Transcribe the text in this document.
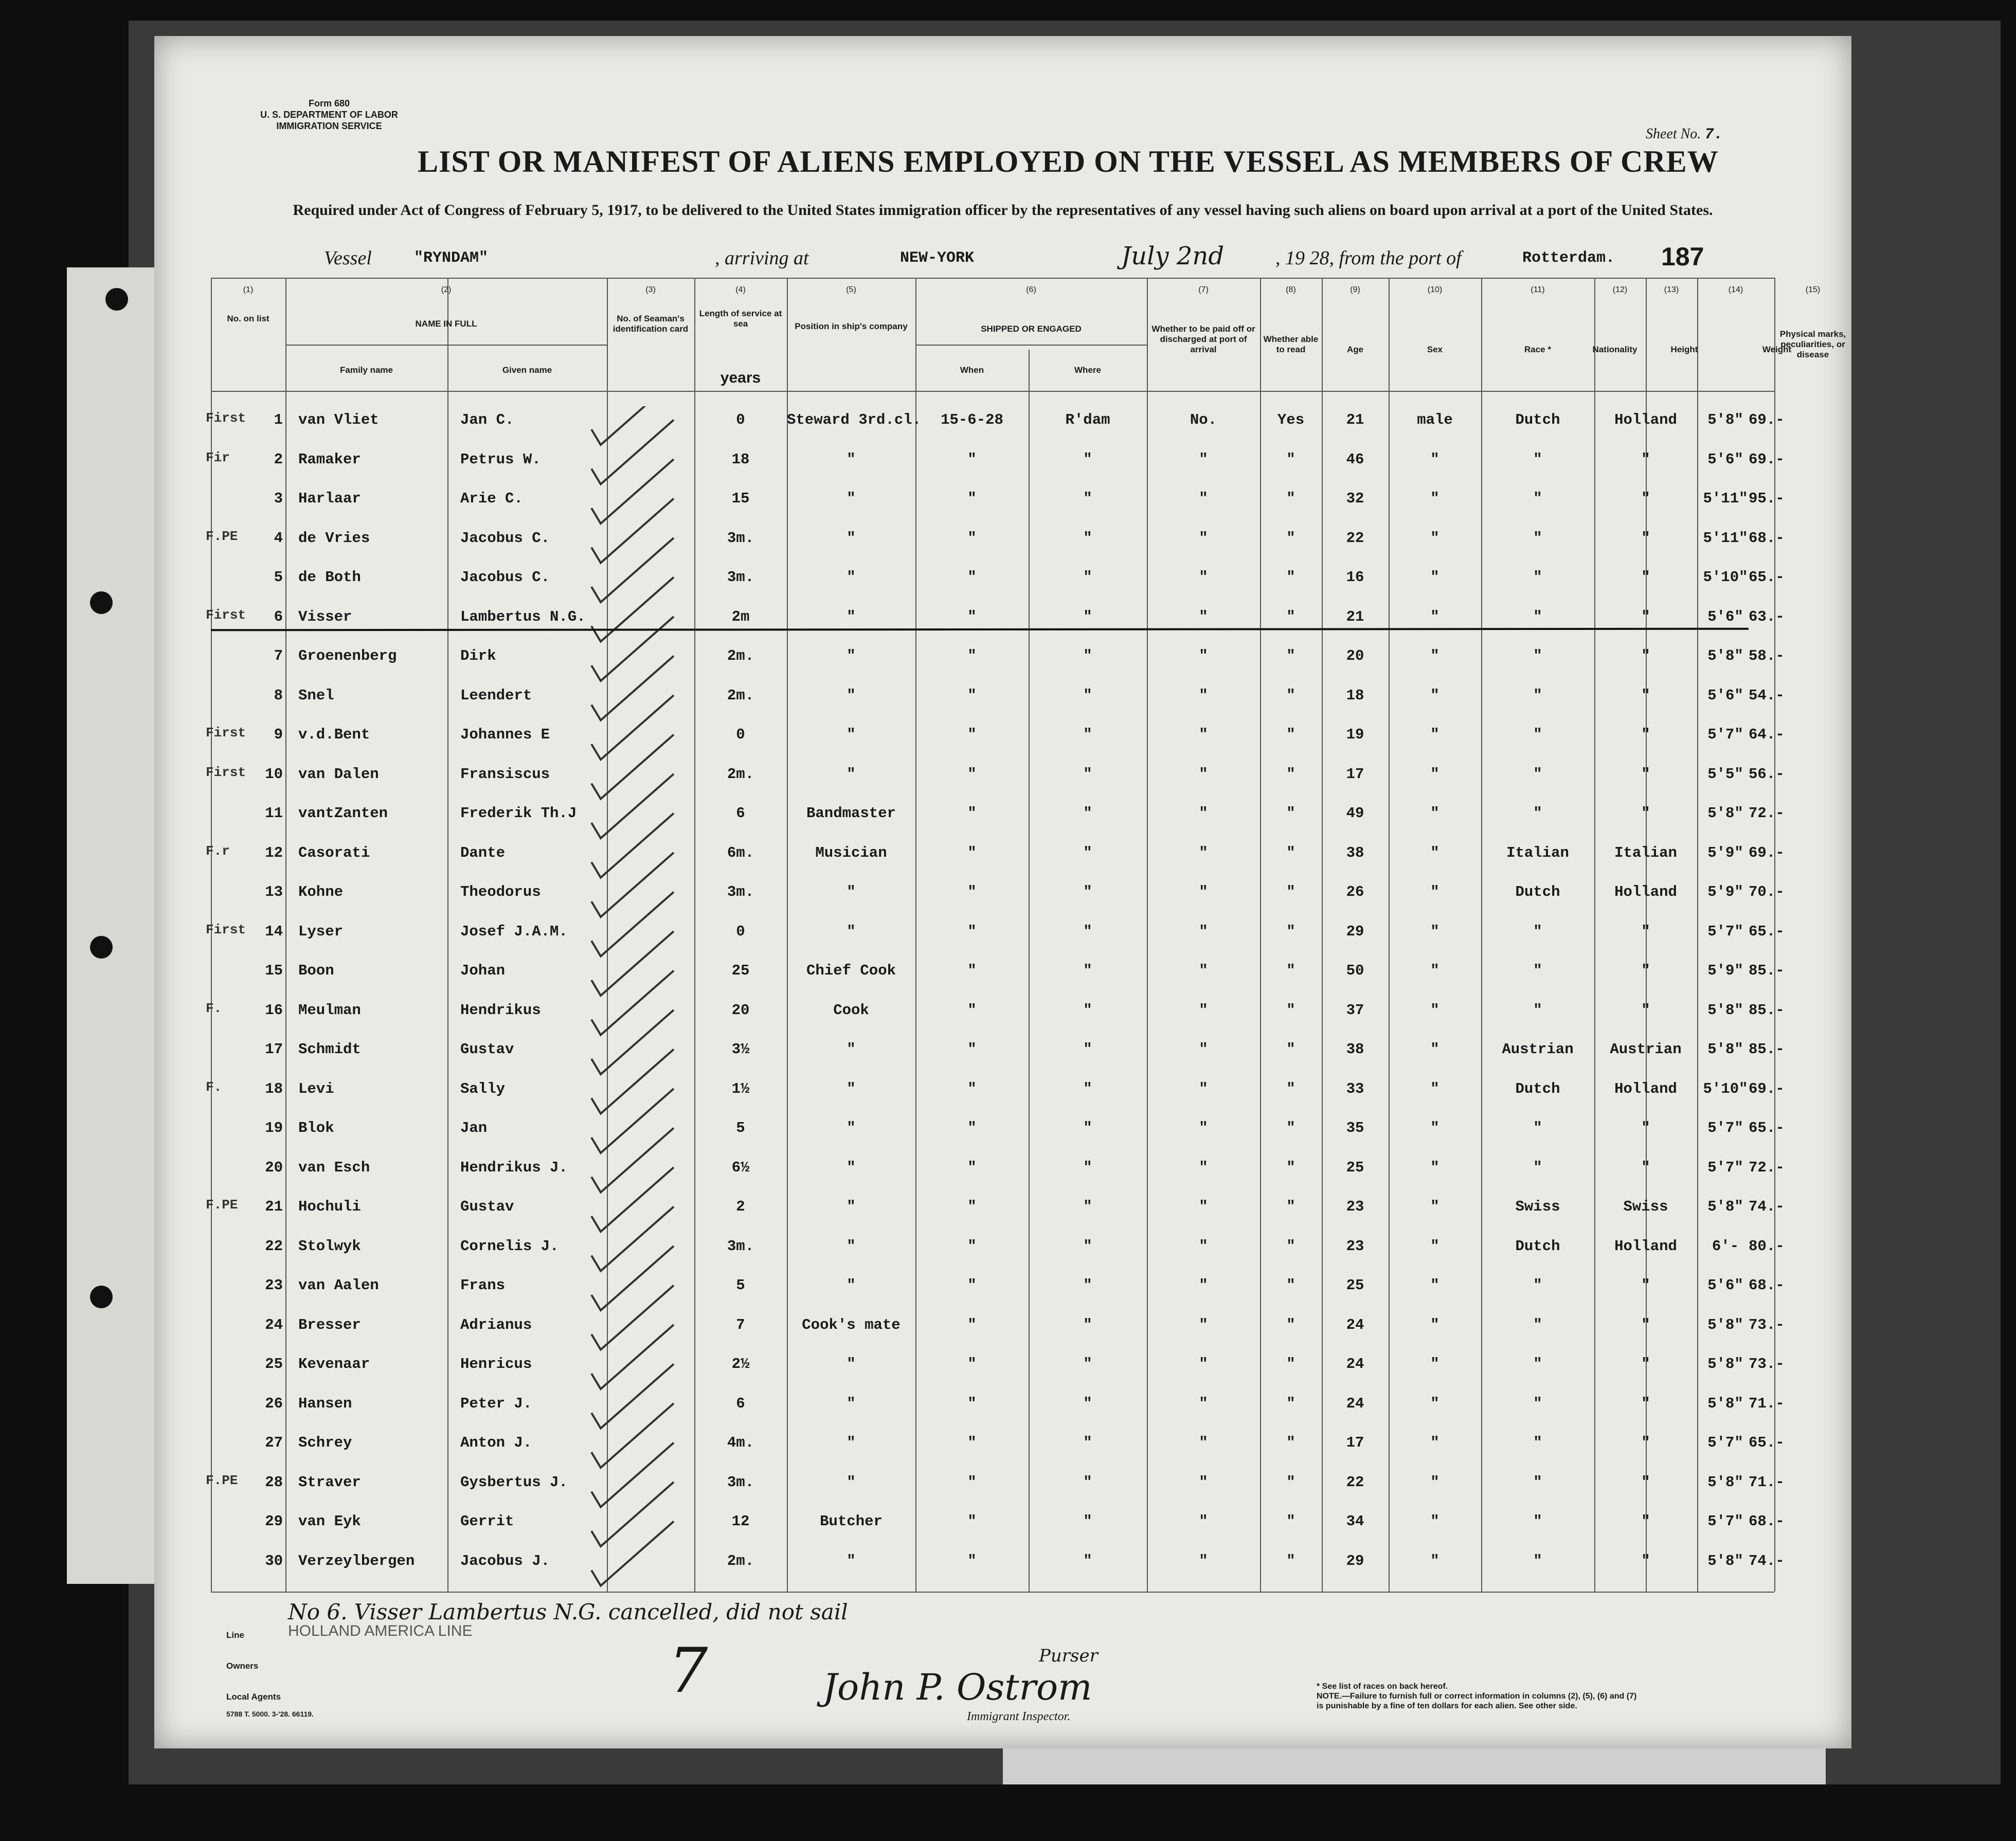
Form 680
U. S. DEPARTMENT OF LABOR
IMMIGRATION SERVICE	Sheet No. 7.
LIST OR MANIFEST OF ALIENS EMPLOYED ON THE VESSEL AS MEMBERS OF CREW
Required under Act of Congress of February 5, 1917, to be delivered to the United States immigration officer by the representatives of any vessel having such aliens on board upon arrival at a port of the United States.
Vessel	"RYNDAM"	, arriving at	NEW-YORK	July 2nd	, 19 28, from the port of	Rotterdam. 187
(1)	(2)	(3)	(4)	(5)	(6)	(7)	(8)	(9)	(10)	(11)	(12)	(13)	(14)	(15)
No. on list
NAME IN FULL
Family name	Given name
No. of Seaman's identification card
Length of service at sea
years
Position in ship's company	SHIPPED OR ENGAGED
When	Where
Whether to be paid off or discharged at port of arrival
Whether able to read	Age	Sex	Race *	Nationality	Height	Weight
Physical marks, peculiarities, or disease
First	1 van Vliet	Jan C.	0	Steward 3rd.cl.	15-6-28	R'dam	No.	Yes	21	male	Dutch	Holland	5'8" 69.-
Fir	2 Ramaker	Petrus W.	18	"	"	"	"	"	46	"	"	"	5'6" 69.-
3 Harlaar	Arie C.	15	"	"	"	"	"	32	"	"	"	5'11" 95.-
F.PE	4 de Vries	Jacobus C.	3m.	"	"	"	"	"	22	"	"	"	5'11" 68.-
5 de Both	Jacobus C.	3m.	"	"	"	"	"	16	"	"	"	5'10" 65.-
First	6 Visser	Lambertus N.G.	2m	"	"	"	"	"	21	"	"	"	5'6" 63.-
7 Groenenberg	Dirk	2m.	"	"	"	"	"	20	"	"	"	5'8" 58.-
8 Snel	Leendert	2m.	"	"	"	"	"	18	"	"	"	5'6" 54.-
First	9 v.d.Bent	Johannes E	0	"	"	"	"	"	19	"	"	"	5'7" 64.-
First	10 van Dalen	Fransiscus	2m.	"	"	"	"	"	17	"	"	"	5'5" 56.-
11 vantZanten	Frederik Th.J	6	Bandmaster	"	"	"	"	49	"	"	"	5'8" 72.-
F.r	12 Casorati	Dante	6m.	Musician	"	"	"	"	38	"	Italian	Italian	5'9" 69.-
13 Kohne	Theodorus	3m.	"	"	"	"	"	26	"	Dutch	Holland	5'9" 70.-
First	14 Lyser	Josef J.A.M.	0	"	"	"	"	"	29	"	"	"	5'7" 65.-
15 Boon	Johan	25	Chief Cook	"	"	"	"	50	"	"	"	5'9" 85.-
F.	16 Meulman	Hendrikus	20	Cook	"	"	"	"	37	"	"	"	5'8" 85.-
17 Schmidt	Gustav	3½	"	"	"	"	"	38	"	Austrian	Austrian	5'8" 85.-
F.	18 Levi	Sally	1½	"	"	"	"	"	33	"	Dutch	Holland	5'10" 69.-
19 Blok	Jan	5	"	"	"	"	"	35	"	"	"	5'7" 65.-
20 van Esch	Hendrikus J.	6½	"	"	"	"	"	25	"	"	"	5'7" 72.-
F.PE	21 Hochuli	Gustav	2	"	"	"	"	"	23	"	Swiss	Swiss	5'8" 74.-
22 Stolwyk	Cornelis J.	3m.	"	"	"	"	"	23	"	Dutch	Holland	6'- 80.-
23 van Aalen	Frans	5	"	"	"	"	"	25	"	"	"	5'6" 68.-
24 Bresser	Adrianus	7	Cook's mate	"	"	"	"	24	"	"	"	5'8" 73.-
25 Kevenaar	Henricus	2½	"	"	"	"	"	24	"	"	"	5'8" 73.-
26 Hansen	Peter J.	6	"	"	"	"	"	24	"	"	"	5'8" 71.-
27 Schrey	Anton J.	4m.	"	"	"	"	"	17	"	"	"	5'7" 65.-
F.PE	28 Straver	Gysbertus J.	3m.	"	"	"	"	"	22	"	"	"	5'8" 71.-
29 van Eyk	Gerrit	12	Butcher	"	"	"	"	34	"	"	"	5'7" 68.-
30 Verzeylbergen	Jacobus J.	2m.	"	"	"	"	"	29	"	"	"	5'8" 74.-
No 6. Visser Lambertus N.G. cancelled, did not sail
7	Purser
John P. Ostrom
Line	HOLLAND AMERICA LINE
Owners
Local Agents
5788 T. 5000. 3-'28. 66119.	Immigrant Inspector.
* See list of races on back hereof.
NOTE.—Failure to furnish full or correct information in columns (2), (5), (6) and (7)
is punishable by a fine of ten dollars for each alien. See other side.
